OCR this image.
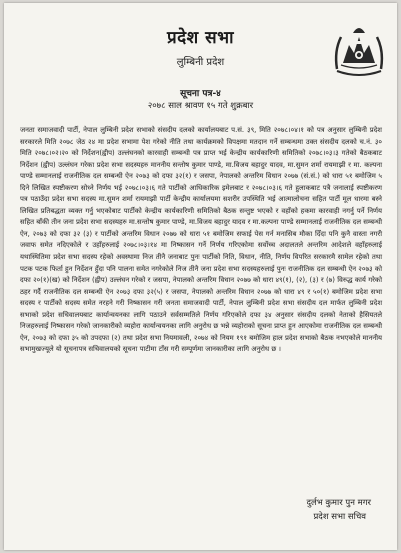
प्रदेश सभा
लुम्बिनी प्रदेश
सूचना पत्र-४
२०७८ साल श्रावण १५ गते शुक्रबार

जनता समाजवादी पार्टी, नेपाल लुम्बिनी प्रदेश सभाको संसदीय दलको कार्यालयबाट प.सं. ३९, मिति २०७८।०४।१ को पत्र अनुसार लुम्बिनी प्रदेश सरकारले मिति २०७८ जेठ २४ मा प्रदेश सभामा पेश गरेको नीति तथा कार्यक्रमको विपक्षमा मतदान गर्ने सम्बन्धमा उक्त संसदीय दलको च.नं. ३० मिति २०७८।०२।२० को निर्देशन(ह्वीप) उल्लंघनको कारवाही सम्बन्धी पत्र प्राप्त भई केन्द्रीय कार्यकारिणी समितिको २०७८।०३।३ गतेको बैठकबाट निर्देशन (ह्वीप) उल्लंघन गरेका प्रदेश सभा सदस्यहरु माननीय सन्तोष कुमार पाण्डे, मा.विजय बहादुर यादव, मा.सुमन शर्मा रायमाझी र मा. कल्पना पाण्डे सम्मानलाई राजनीतिक दल सम्बन्धी ऐन २०७३ को दफा ३२(१) र जसपा, नेपालको अन्तरिम विधान २०७७ (सं.सं.) को धारा ५१ बमोजिम ५ दिने लिखित स्पष्टीकरण सोध्ने निर्णय भई २०७८।०३।६ गते पार्टीको आधिकारिक इमेलबाट र २०७८।०३।६ गते हुलाकबाट पत्रै जनालाई स्पष्टीकरण पत्र पठाउँदा प्रदेश सभा सदस्य मा.सुमन शर्मा रायमाझी पार्टी केन्द्रीय कार्यालयमा सशरीर उपस्थिति भई आत्मालोचना सहित पार्टी मूल धारमा बस्ने लिखित प्रतिबद्धता व्यक्त गर्नु भएकोबाट पार्टीको केन्द्रीय कार्यकारिणी समितिको बैठक सन्तुष्ट भएको र वहाँको हकमा कारवाही नगर्नु पर्ने निर्णय सहित बाँकी तीन जना प्रदेश सभा सदस्यहरु मा.सन्तोष कुमार पाण्डे, मा.विजय बहादुर यादव र मा.कल्पना पाण्डे सम्मानलाई राजनीतिक दल सम्बन्धी ऐन, २०७३ को दफा ३२ (३) र पार्टीको अन्तरिम विधान २०७७ को धारा ५१ बमोजिम सफाई पेस गर्न मनासिब मौका दिँदा पनि कुनै वास्ता नगरी जवाफ समेत नदिएकोले र उहाँहरुलाई २०७८।०३।१४ मा निष्कासन गर्ने निर्णय गरिएकोमा सर्वोच्च अदालतले अन्तरिम आदेशले वहाँहरुलाई यथास्थितिमा प्रदेश सभा सदस्य रहेको अवस्थामा निज तीनै जनाबाट पुनः पार्टीको निति, विधान, नीति, निर्णय विपरित सरकारमै सामेल रहेको तथा पटक पटक फिर्ता हुन निर्देशन हुँदा पनि पालना समेत नगरेकोले निज तीनै जना प्रदेश सभा सदस्यहरुलाई पुनः राजनीतिक दल सम्बन्धी ऐन २०७३ को दफा २०(१)(ख) को निर्देशन (ह्वीप) उल्लंघन गरेको र जसपा, नेपालको अन्तरिम विधान २०७७ को धारा ४९(१), (२), (३) र (७) विरुद्ध कार्य गरेको ठहर गर्दै राजनीतिक दल सम्बन्धी ऐन २०७३ दफा ३२(५) र जसपा, नेपालको अन्तरिम विधान २०७७ को धारा ४९ र ५०(१) बमोजिम प्रदेश सभा सदस्य र पार्टीको सदस्य समेत नरहने गरी निष्कासन गरी जनता समाजवादी पार्टी, नेपाल लुम्बिनी प्रदेश सभा संसदीय दल मार्फत लुम्बिनी प्रदेश सभाको प्रदेश सचिवालयबाट कार्यान्वयनका लागि पठाउने सर्वसम्मतिले निर्णय गरिएकोले दफा ३४ अनुसार संसदीय दलको नेताको हैसियतले निजहरुलाई निष्कासन गरेको जानकारीको व्यहोरा कार्यान्वयनका लागि अनुरोध छ भन्ने व्यहोराको सूचना प्राप्त हुन आएकोमा राजनीतिक दल सम्बन्धी ऐन, २०७३ को दफा ३५ को उपदफा (२) तथा प्रदेश सभा नियमावली, २०७४ को नियम १९१ बमोजिम हाल प्रदेश सभाको बैठक नभएकोले माननीय सभामुखज्यूले यो सूचनापत्र सचिवालयको सूचना पाटीमा टाँस गरी सम्पूर्णमा जानकारीका लागि अनुरोध छ ।

दुर्लभ कुमार पुन मगर
प्रदेश सभा सचिव
